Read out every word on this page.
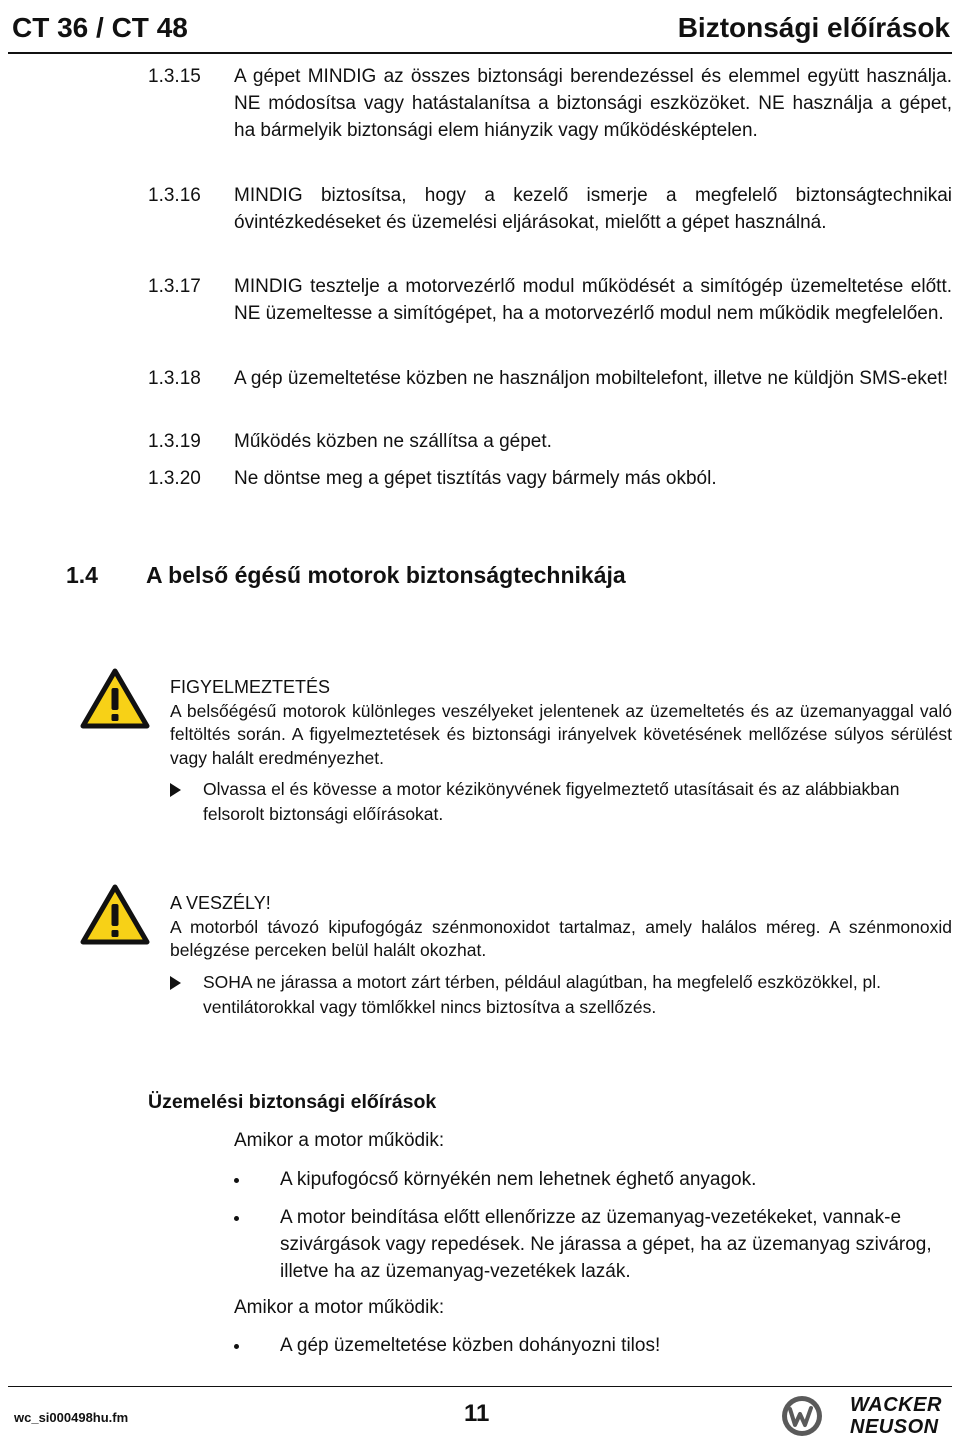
CT 36 / CT 48	Biztonsági előírások
1.3.15	A gépet MINDIG az összes biztonsági berendezéssel és elemmel együtt használja. NE módosítsa vagy hatástalanítsa a biztonsági eszközöket. NE használja a gépet, ha bármelyik biztonsági elem hiányzik vagy működésképtelen.
1.3.16	MINDIG biztosítsa, hogy a kezelő ismerje a megfelelő biztonságtechnikai óvintézkedéseket és üzemelési eljárásokat, mielőtt a gépet használná.
1.3.17	MINDIG tesztelje a motorvezérlő modul működését a simítógép üzemeltetése előtt. NE üzemeltesse a simítógépet, ha a motorvezérlő modul nem működik megfelelően.
1.3.18	A gép üzemeltetése közben ne használjon mobiltelefont, illetve ne küldjön SMS-eket!
1.3.19	Működés közben ne szállítsa a gépet.
1.3.20	Ne döntse meg a gépet tisztítás vagy bármely más okból.
1.4 A belső égésű motorok biztonságtechnikája
FIGYELMEZTETÉS
A belsőégésű motorok különleges veszélyeket jelentenek az üzemeltetés és az üzemanyaggal való feltöltés során. A figyelmeztetések és biztonsági irányelvek követésének mellőzése súlyos sérülést vagy halált eredményezhet.
Olvassa el és kövesse a motor kézikönyvének figyelmeztető utasításait és az alábbiakban felsorolt biztonsági előírásokat.
A VESZÉLY!
A motorból távozó kipufogógáz szénmonoxidot tartalmaz, amely halálos méreg. A szénmonoxid belégzése perceken belül halált okozhat.
SOHA ne járassa a motort zárt térben, például alagútban, ha megfelelő eszközökkel, pl. ventilátorokkal vagy tömlőkkel nincs biztosítva a szellőzés.
Üzemelési biztonsági előírások
Amikor a motor működik:
A kipufogócső környékén nem lehetnek éghető anyagok.
A motor beindítása előtt ellenőrizze az üzemanyag-vezetékeket, vannak-e szivárgások vagy repedések. Ne járassa a gépet, ha az üzemanyag szivárog, illetve ha az üzemanyag-vezetékek lazák.
Amikor a motor működik:
A gép üzemeltetése közben dohányozni tilos!
wc_si000498hu.fm	11	WACKER
NEUSON
